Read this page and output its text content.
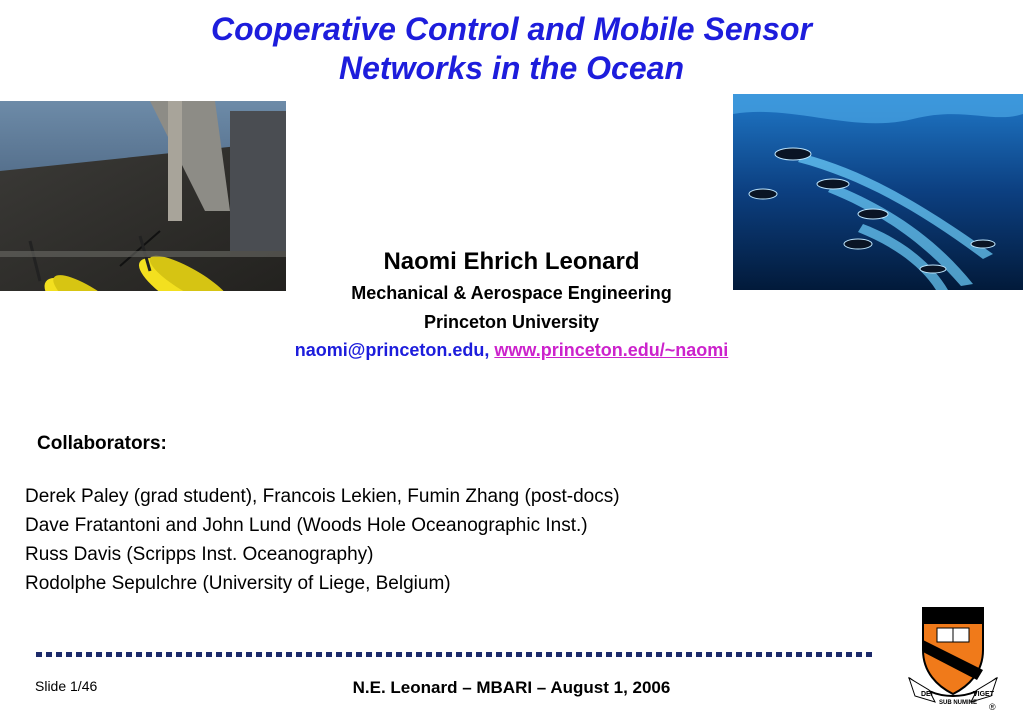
Cooperative Control and Mobile Sensor
Networks in the Ocean
Naomi Ehrich Leonard
Mechanical & Aerospace Engineering
Princeton University
naomi@princeton.edu, www.princeton.edu/~naomi
Collaborators:
Derek Paley (grad student), Francois Lekien, Fumin Zhang (post-docs)
Dave Fratantoni and John Lund (Woods Hole Oceanographic Inst.)
Russ Davis (Scripps Inst. Oceanography)
Rodolphe Sepulchre (University of Liege, Belgium)
Slide 1/46	N.E. Leonard – MBARI – August 1, 2006	DEI
SUB NUMINE
VIGET
®
